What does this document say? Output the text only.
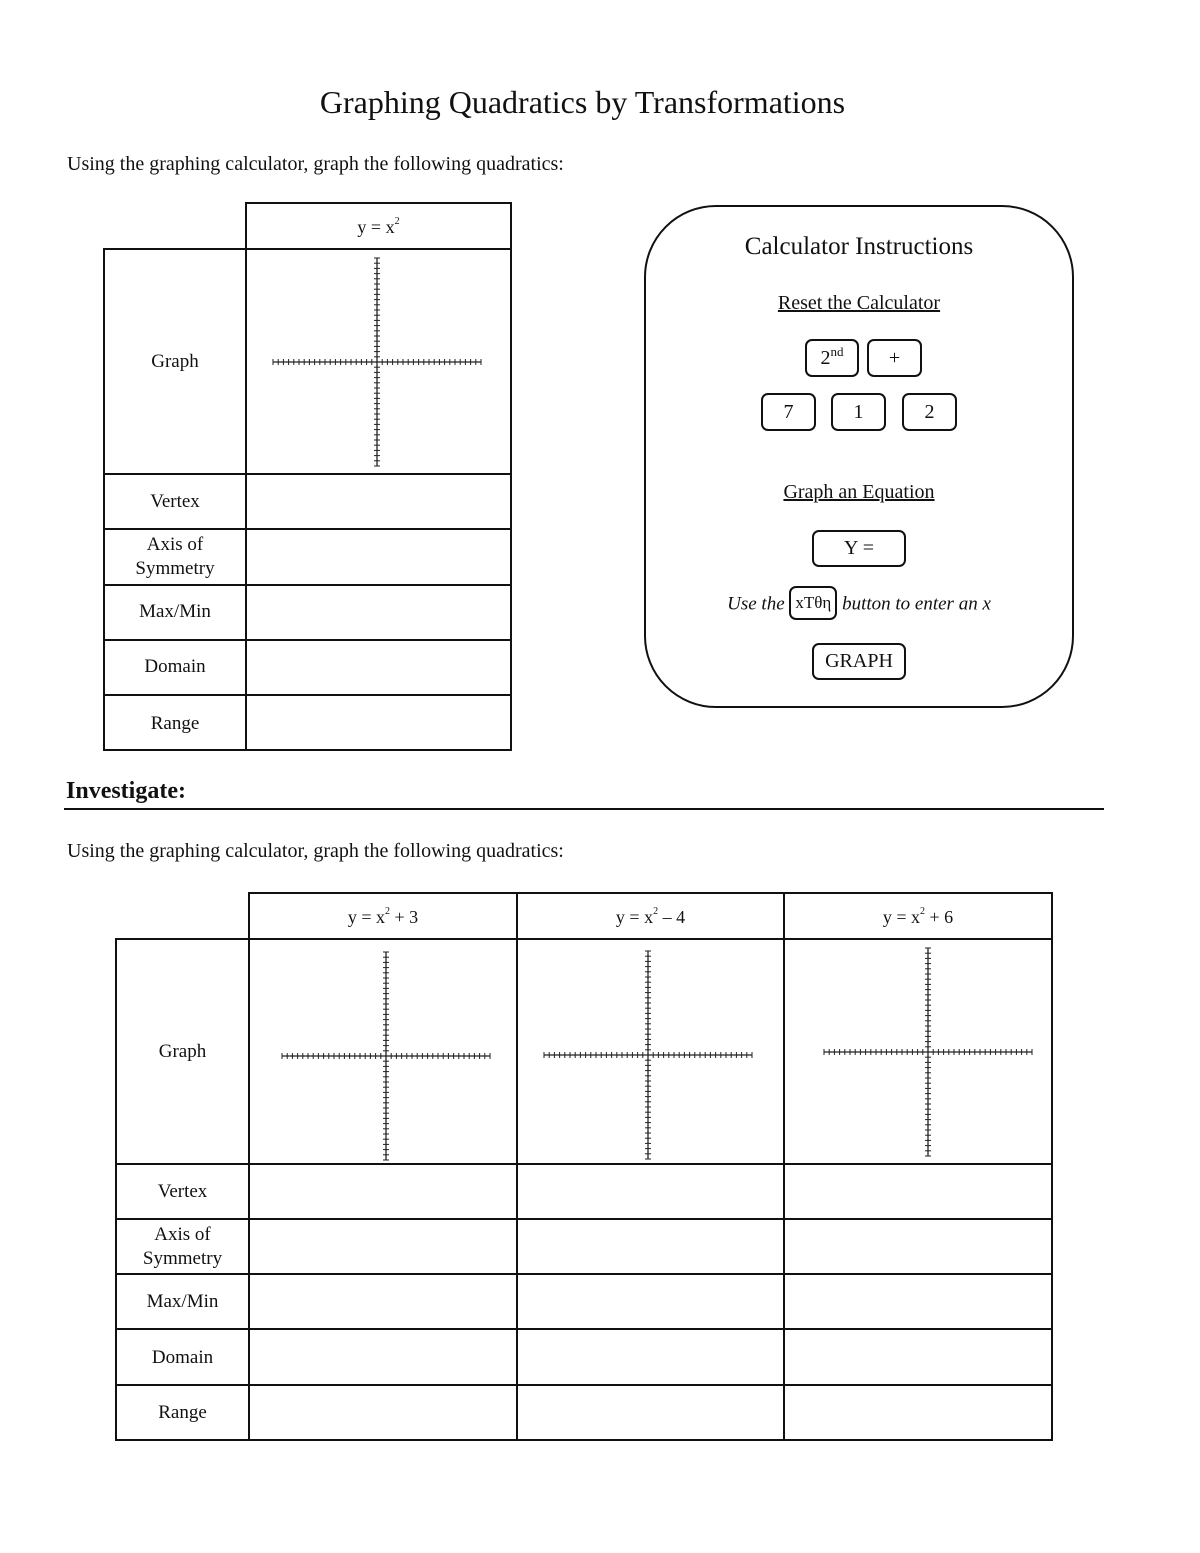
Graphing Quadratics by Transformations
Using the graphing calculator, graph the following quadratics:
$y = x^2$
Graph
Vertex
Axis of
Symmetry
Max/Min
Domain
Range
Calculator Instructions
Reset the Calculator
2nd	+
7	1	2
Graph an Equation
Y =
Use the xTθη button to enter an x
GRAPH
Investigate:
Using the graphing calculator, graph the following quadratics:
$y = x^2 + 3$	$y = x^2 - 4$	$y = x^2 + 6$
Graph
Vertex
Axis of
Symmetry
Max/Min
Domain
Range
